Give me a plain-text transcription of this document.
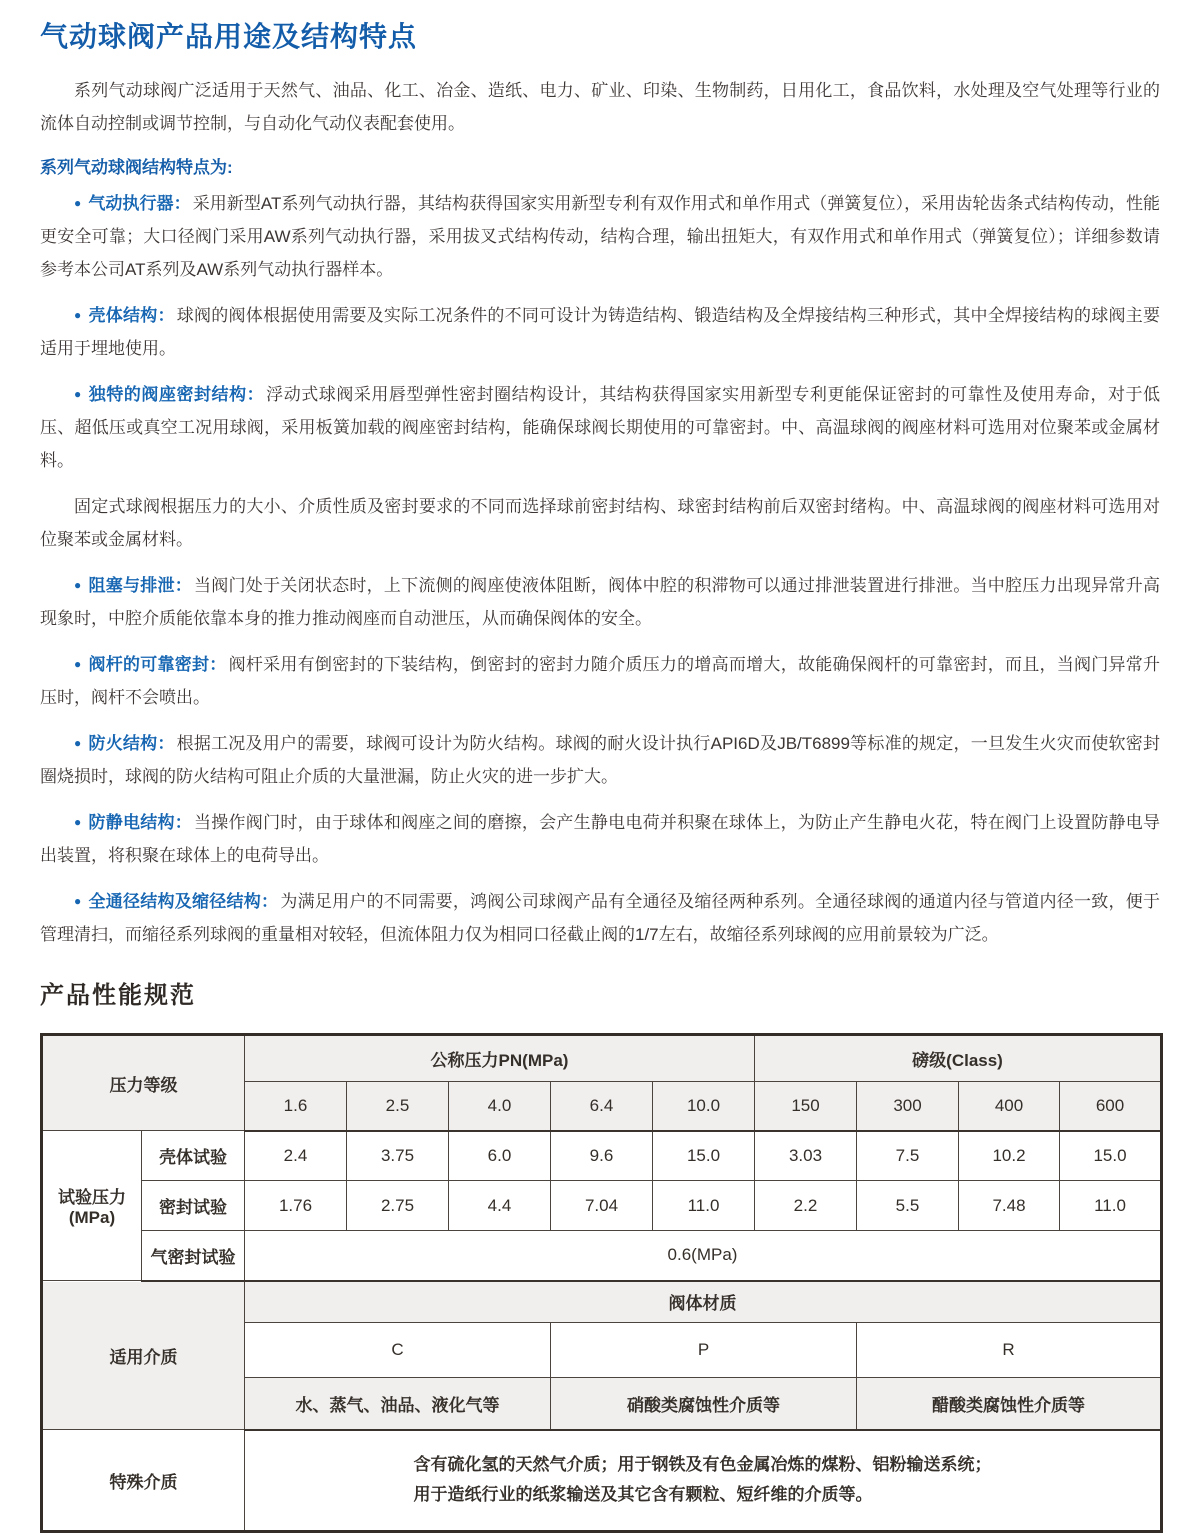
气动球阀产品用途及结构特点

系列气动球阀广泛适用于天然气、油品、化工、冶金、造纸、电力、矿业、印染、生物制药，日用化工，食品饮料，水处理及空气处理等行业的流体自动控制或调节控制，与自动化气动仪表配套使用。

系列气动球阀结构特点为:

● 气动执行器： 采用新型AT系列气动执行器，其结构获得国家实用新型专利有双作用式和单作用式（弹簧复位），采用齿轮齿条式结构传动，性能更安全可靠；大口径阀门采用AW系列气动执行器，采用拔叉式结构传动，结构合理，输出扭矩大，有双作用式和单作用式（弹簧复位）；详细参数请参考本公司AT系列及AW系列气动执行器样本。

● 壳体结构： 球阀的阀体根据使用需要及实际工况条件的不同可设计为铸造结构、锻造结构及全焊接结构三种形式，其中全焊接结构的球阀主要适用于埋地使用。

● 独特的阀座密封结构： 浮动式球阀采用唇型弹性密封圈结构设计，其结构获得国家实用新型专利更能保证密封的可靠性及使用寿命，对于低压、超低压或真空工况用球阀，采用板簧加载的阀座密封结构，能确保球阀长期使用的可靠密封。中、高温球阀的阀座材料可选用对位聚苯或金属材料。

固定式球阀根据压力的大小、介质性质及密封要求的不同而选择球前密封结构、球密封结构前后双密封绪构。中、高温球阀的阀座材料可选用对位聚苯或金属材料。

● 阻塞与排泄： 当阀门处于关闭状态时，上下流侧的阀座使液体阻断，阀体中腔的积滞物可以通过排泄装置进行排泄。当中腔压力出现异常升高现象时，中腔介质能依靠本身的推力推动阀座而自动泄压，从而确保阀体的安全。

● 阀杆的可靠密封： 阀杆采用有倒密封的下装结构，倒密封的密封力随介质压力的增高而增大，故能确保阀杆的可靠密封，而且，当阀门异常升压时，阀杆不会喷出。

● 防火结构： 根据工况及用户的需要，球阀可设计为防火结构。球阀的耐火设计执行API6D及JB/T6899等标准的规定，一旦发生火灾而使软密封圈烧损时，球阀的防火结构可阻止介质的大量泄漏，防止火灾的进一步扩大。

● 防静电结构： 当操作阀门时，由于球体和阀座之间的磨擦，会产生静电电荷并积聚在球体上，为防止产生静电火花，特在阀门上设置防静电导出装置，将积聚在球体上的电荷导出。

● 全通径结构及缩径结构： 为满足用户的不同需要，鸿阀公司球阀产品有全通径及缩径两种系列。全通径球阀的通道内径与管道内径一致，便于管理清扫，而缩径系列球阀的重量相对较轻，但流体阻力仅为相同口径截止阀的1/7左右，故缩径系列球阀的应用前景较为广泛。

产品性能规范
压力等级		公称压力PN(MPa)					磅级(Class)			
		1.6	2.5	4.0	6.4	10.0	150	300	400	600

试验压力
(MPa)	壳体试验	2.4	3.75	6.0	9.6	15.0	3.03	7.5	10.2	15.0
	密封试验	1.76	2.75	4.4	7.04	11.0	2.2	5.5	7.48	11.0
	气密封试验	0.6(MPa)								
适用介质		阀体材质								
		C			P			R		
		水、蒸气、油品、液化气等			硝酸类腐蚀性介质等			醋酸类腐蚀性介质等		
特殊介质		含有硫化氢的天然气介质；用于钢铁及有色金属冶炼的煤粉、铝粉输送系统；
用于造纸行业的纸浆输送及其它含有颗粒、短纤维的介质等。								
